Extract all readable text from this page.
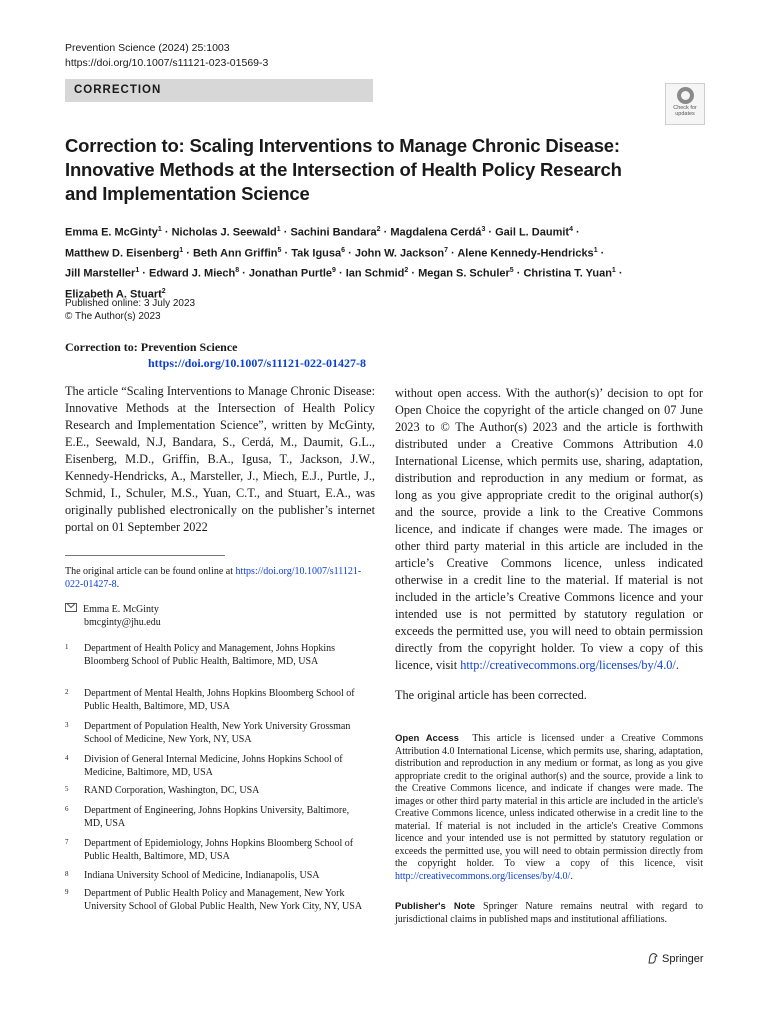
Prevention Science (2024) 25:1003
https://doi.org/10.1007/s11121-023-01569-3
CORRECTION
Check for
updates
Correction to: Scaling Interventions to Manage Chronic Disease: Innovative Methods at the Intersection of Health Policy Research and Implementation Science
Emma E. McGinty$^1$ · Nicholas J. Seewald$^1$ · Sachini Bandara$^2$ · Magdalena Cerdá$^3$ · Gail L. Daumit$^4$ ·
Matthew D. Eisenberg$^1$ · Beth Ann Griffin$^5$ · Tak Igusa$^6$ · John W. Jackson$^7$ · Alene Kennedy-Hendricks$^1$ ·
Jill Marsteller$^1$ · Edward J. Miech$^8$ · Jonathan Purtle$^9$ · Ian Schmid$^2$ · Megan S. Schuler$^5$ · Christina T. Yuan$^1$ ·
Elizabeth A. Stuart$^2$
Published online: 3 July 2023
© The Author(s) 2023
Correction to: Prevention Science
https://doi.org/10.1007/s11121-022-01427-8
The article “Scaling Interventions to Manage Chronic Disease: Innovative Methods at the Intersection of Health Policy Research and Implementation Science”, written by McGinty, E.E., Seewald, N.J, Bandara, S., Cerdá, M., Daumit, G.L., Eisenberg, M.D., Griffin, B.A., Igusa, T., Jackson, J.W., Kennedy-Hendricks, A., Marsteller, J., Miech, E.J., Purtle, J., Schmid, I., Schuler, M.S., Yuan, C.T., and Stuart, E.A., was originally published electronically on the publisher’s internet portal on 01 September 2022
without open access. With the author(s)’ decision to opt for Open Choice the copyright of the article changed on 07 June 2023 to © The Author(s) 2023 and the article is forthwith distributed under a Creative Commons Attribution 4.0 International License, which permits use, sharing, adaptation, distribution and reproduction in any medium or format, as long as you give appropriate credit to the original author(s) and the source, provide a link to the Creative Commons licence, and indicate if changes were made. The images or other third party material in this article are included in the article’s Creative Commons licence, unless indicated otherwise in a credit line to the material. If material is not included in the article’s Creative Commons licence and your intended use is not permitted by statutory regulation or exceeds the permitted use, you will need to obtain permission directly from the copyright holder. To view a copy of this licence, visit http://creativecommons.org/licenses/by/4.0/.
The original article has been corrected.
The original article can be found online at https://doi.org/10.1007/s11121-022-01427-8.
Emma E. McGinty
bmcginty@jhu.edu
1 Department of Health Policy and Management, Johns Hopkins Bloomberg School of Public Health, Baltimore, MD, USA
2 Department of Mental Health, Johns Hopkins Bloomberg School of Public Health, Baltimore, MD, USA
3 Department of Population Health, New York University Grossman School of Medicine, New York, NY, USA
4 Division of General Internal Medicine, Johns Hopkins School of Medicine, Baltimore, MD, USA
5 RAND Corporation, Washington, DC, USA
6 Department of Engineering, Johns Hopkins University, Baltimore, MD, USA
7 Department of Epidemiology, Johns Hopkins Bloomberg School of Public Health, Baltimore, MD, USA
8 Indiana University School of Medicine, Indianapolis, USA
9 Department of Public Health Policy and Management, New York University School of Global Public Health, New York City, NY, USA
Open Access This article is licensed under a Creative Commons Attribution 4.0 International License, which permits use, sharing, adaptation, distribution and reproduction in any medium or format, as long as you give appropriate credit to the original author(s) and the source, provide a link to the Creative Commons licence, and indicate if changes were made. The images or other third party material in this article are included in the article's Creative Commons licence, unless indicated otherwise in a credit line to the material. If material is not included in the article's Creative Commons licence and your intended use is not permitted by statutory regulation or exceeds the permitted use, you will need to obtain permission directly from the copyright holder. To view a copy of this licence, visit http://creativecommons.org/licenses/by/4.0/.
Publisher's Note Springer Nature remains neutral with regard to jurisdictional claims in published maps and institutional affiliations.
Springer
